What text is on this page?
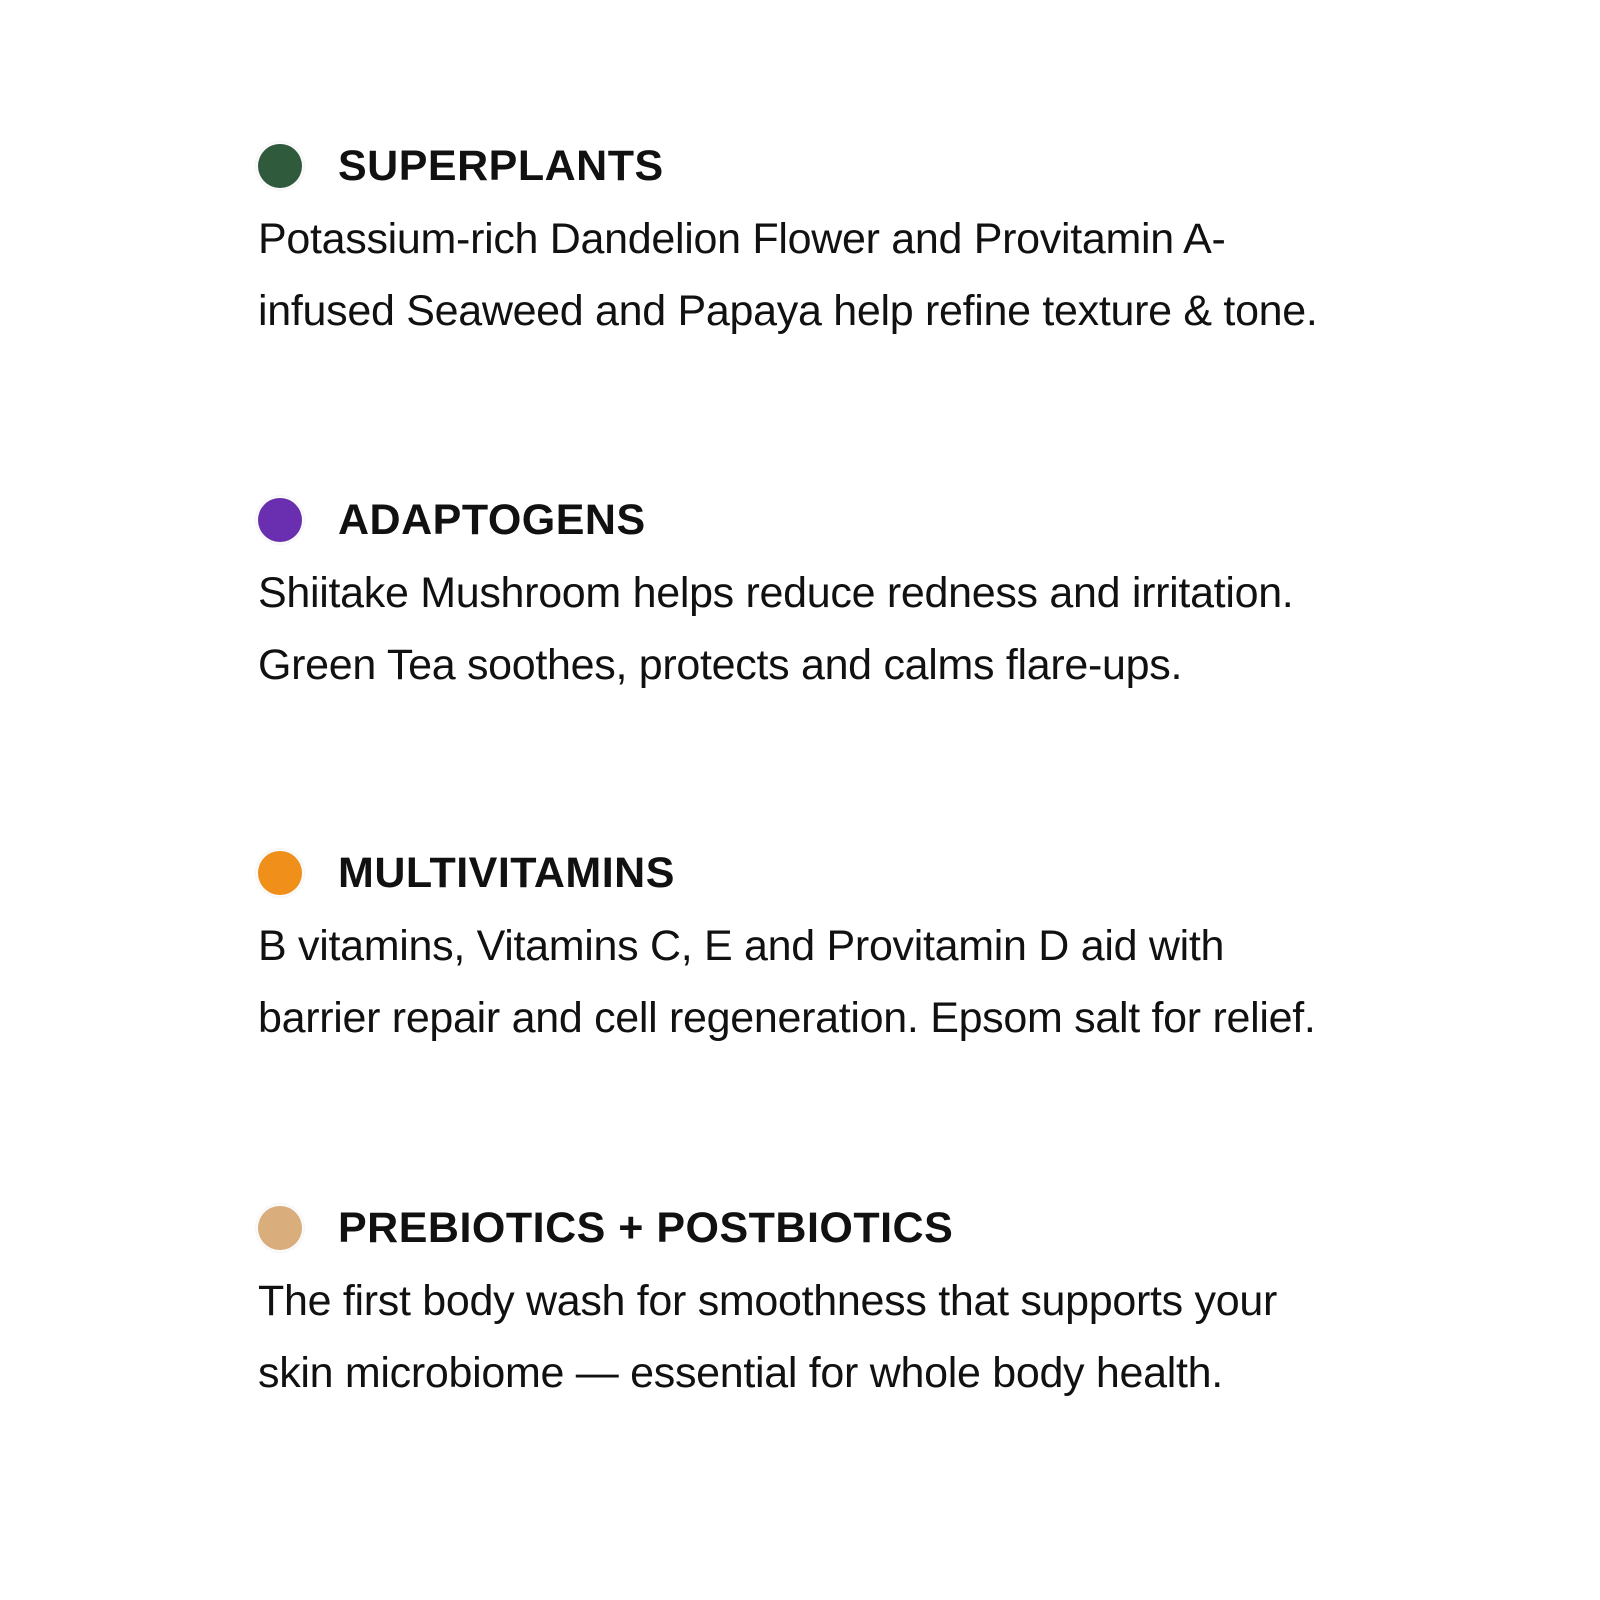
SUPERPLANTS

Potassium-rich Dandelion Flower and Provitamin A-infused Seaweed and Papaya help refine texture & tone.

ADAPTOGENS

Shiitake Mushroom helps reduce redness and irritation. Green Tea soothes, protects and calms flare-ups.

MULTIVITAMINS

B vitamins, Vitamins C, E and Provitamin D aid with barrier repair and cell regeneration. Epsom salt for relief.

PREBIOTICS + POSTBIOTICS

The first body wash for smoothness that supports your skin microbiome — essential for whole body health.
